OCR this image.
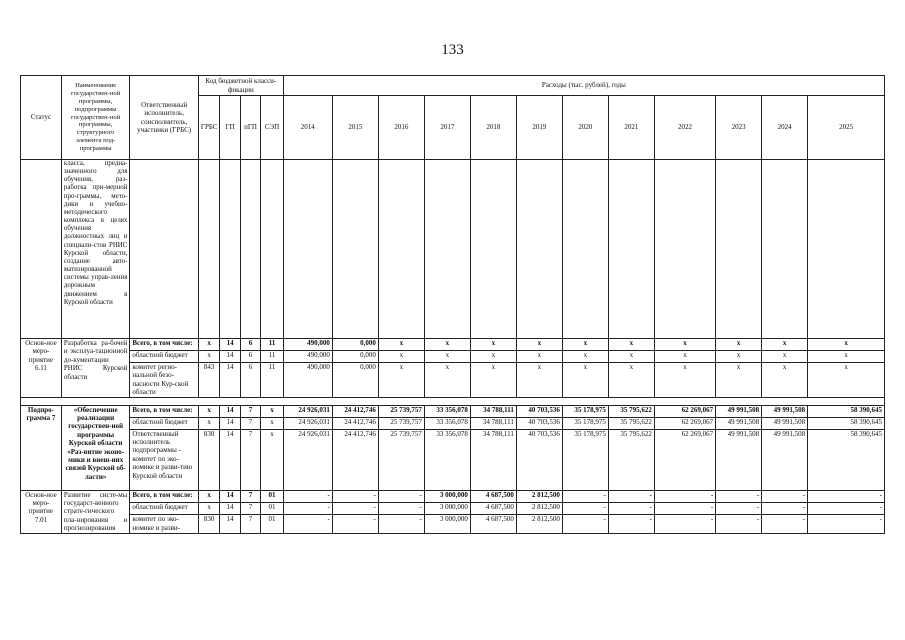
133
Статус	Наименование государствен-ной программы, подпрограммы государствен-ной программы, структурного элемента под-программы	Ответственный исполнитель, соисполнитель, участники (ГРБС)	Код бюджетной класси-фикации				Расходы (тыс. рублей), годы											
			ГРБС	ГП	пГП	СЭП	2014	2015	2016	2017	2018	2019	2020	2021	2022	2023	2024	2025
	класса, предна-значенного для обучения, раз-работка при-мерной про-граммы, мето-дики и учебно-методического комплекса в целях обучения должностных лиц и специали-стов РНИС Курской области, создание авто-матизированной системы управ-ления дорожным движением в Курской области																	
Основ-ное меро-приятие 6.11	Разработка ра-бочей и эксплуа-тационной до-кументации РНИС Курской области	Всего, в том числе:	x	14	6	11	490,000	0,000	x	x	x	x	x	x	x	x	x	x
		областной бюджет	x	14	6	11	490,000	0,000	x	x	x	x	x	x	x	x	x	x
		комитет регио-нальной безо-пасности Кур-ской области	843	14	6	11	490,000	0,000	x	x	x	x	x	x	x	x	x	x

Подпро-грамма 7	«Обеспечение реализации государствен-ной программы Курской области «Раз-витие эконо-мики и внеш-них связей Курской об-ласти»	Всего, в том числе:	x	14	7	x	24 926,031	24 412,746	25 739,757	33 356,078	34 788,111	40 703,536	35 178,975	35 795,622	62 269,067	49 991,508	49 991,508	58 390,645
		областной бюджет	x	14	7	x	24 926,031	24 412,746	25 739,757	33 356,078	34 788,111	40 703,536	35 178,975	35 795,622	62 269,067	49 991,508	49 991,508	58 390,645
		Ответственный исполнитель подпрограммы - комитет по эко-номике и разви-тию Курской области	830	14	7	x	24 926,031	24 412,746	25 739,757	33 356,078	34 788,111	40 703,536	35 178,975	35 795,622	62 269,067	49 991,508	49 991,508	58 390,645
Основ-ное меро-приятие 7.01	Развитие систе-мы государст-венного страте-гического пла-нирования и прогнозирования	Всего, в том числе:	x	14	7	01	-	-	-	3 000,000	4 687,500	2 812,500	-	-	-	-	-	-
		областной бюджет	x	14	7	01	-	-	-	3 000,000	4 687,500	2 812,500	-	-	-	-	-	-
		комитет по эко-номике и разви-	830	14	7	01	-	-	-	3 000,000	4 687,500	2 812,500	-	-	-	-	-	-
